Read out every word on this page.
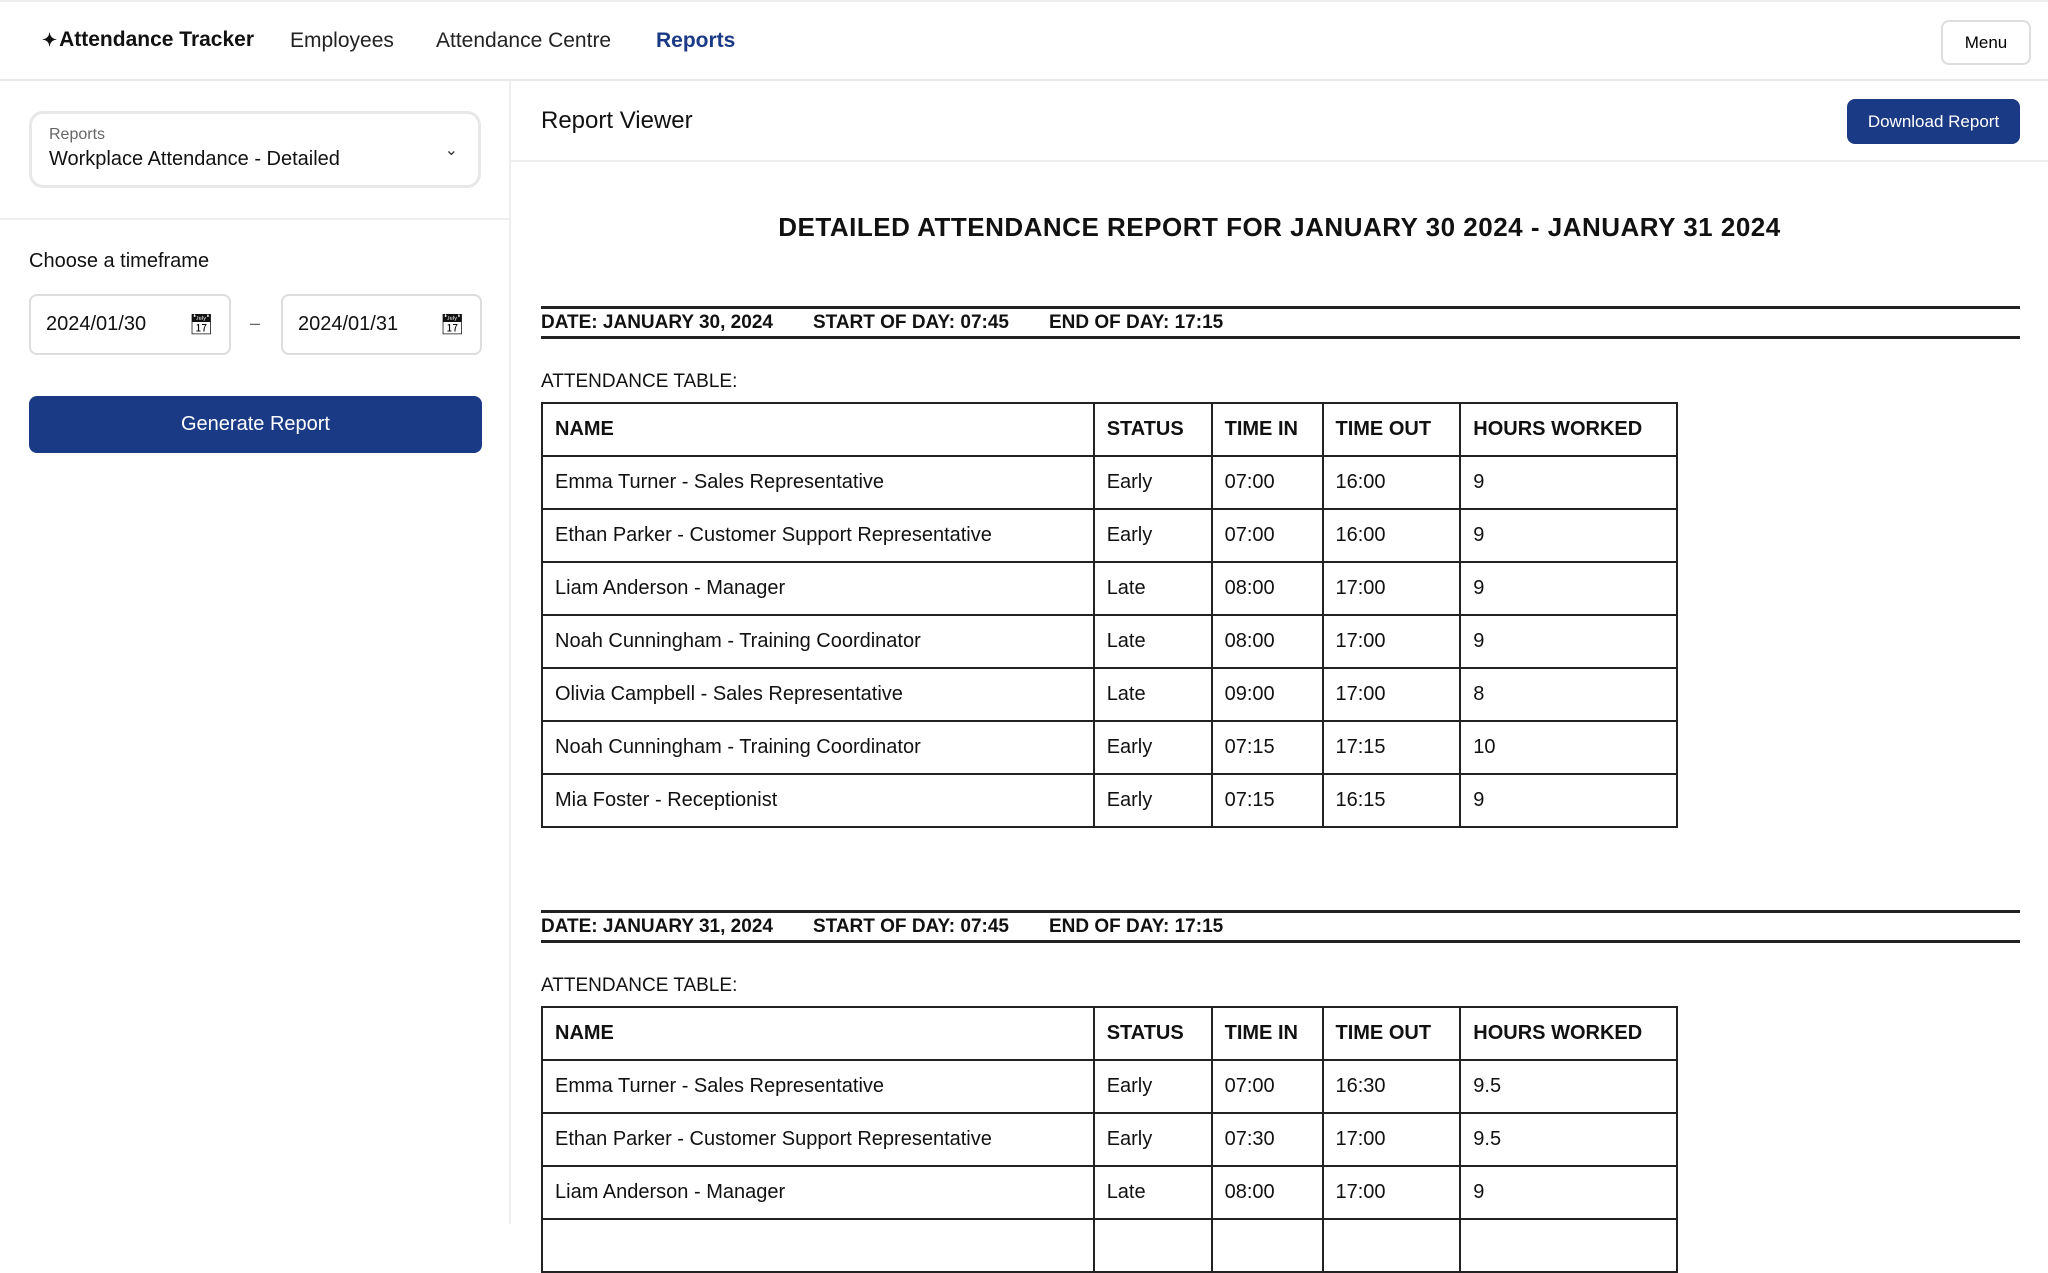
✦ Attendance Tracker Employees Attendance Centre Reports	Menu
Reports
Workplace Attendance - Detailed	⌄
Choose a timeframe
2024/01/30 📅︎ – 2024/01/31 📅︎
Generate Report
Report Viewer	Download Report
DETAILED ATTENDANCE REPORT FOR JANUARY 30 2024 - JANUARY 31 2024
DATE: JANUARY 30, 2024 START OF DAY: 07:45 END OF DAY: 17:15
ATTENDANCE TABLE:
NAME	STATUS	TIME IN	TIME OUT	HOURS WORKED
Emma Turner - Sales Representative	Early	07:00	16:00	9
Ethan Parker - Customer Support Representative	Early	07:00	16:00	9
Liam Anderson - Manager	Late	08:00	17:00	9
Noah Cunningham - Training Coordinator	Late	08:00	17:00	9
Olivia Campbell - Sales Representative	Late	09:00	17:00	8
Noah Cunningham - Training Coordinator	Early	07:15	17:15	10
Mia Foster - Receptionist	Early	07:15	16:15	9
DATE: JANUARY 31, 2024 START OF DAY: 07:45 END OF DAY: 17:15
ATTENDANCE TABLE:
NAME	STATUS	TIME IN	TIME OUT	HOURS WORKED
Emma Turner - Sales Representative	Early	07:00	16:30	9.5
Ethan Parker - Customer Support Representative	Early	07:30	17:00	9.5
Liam Anderson - Manager	Late	08:00	17:00	9
